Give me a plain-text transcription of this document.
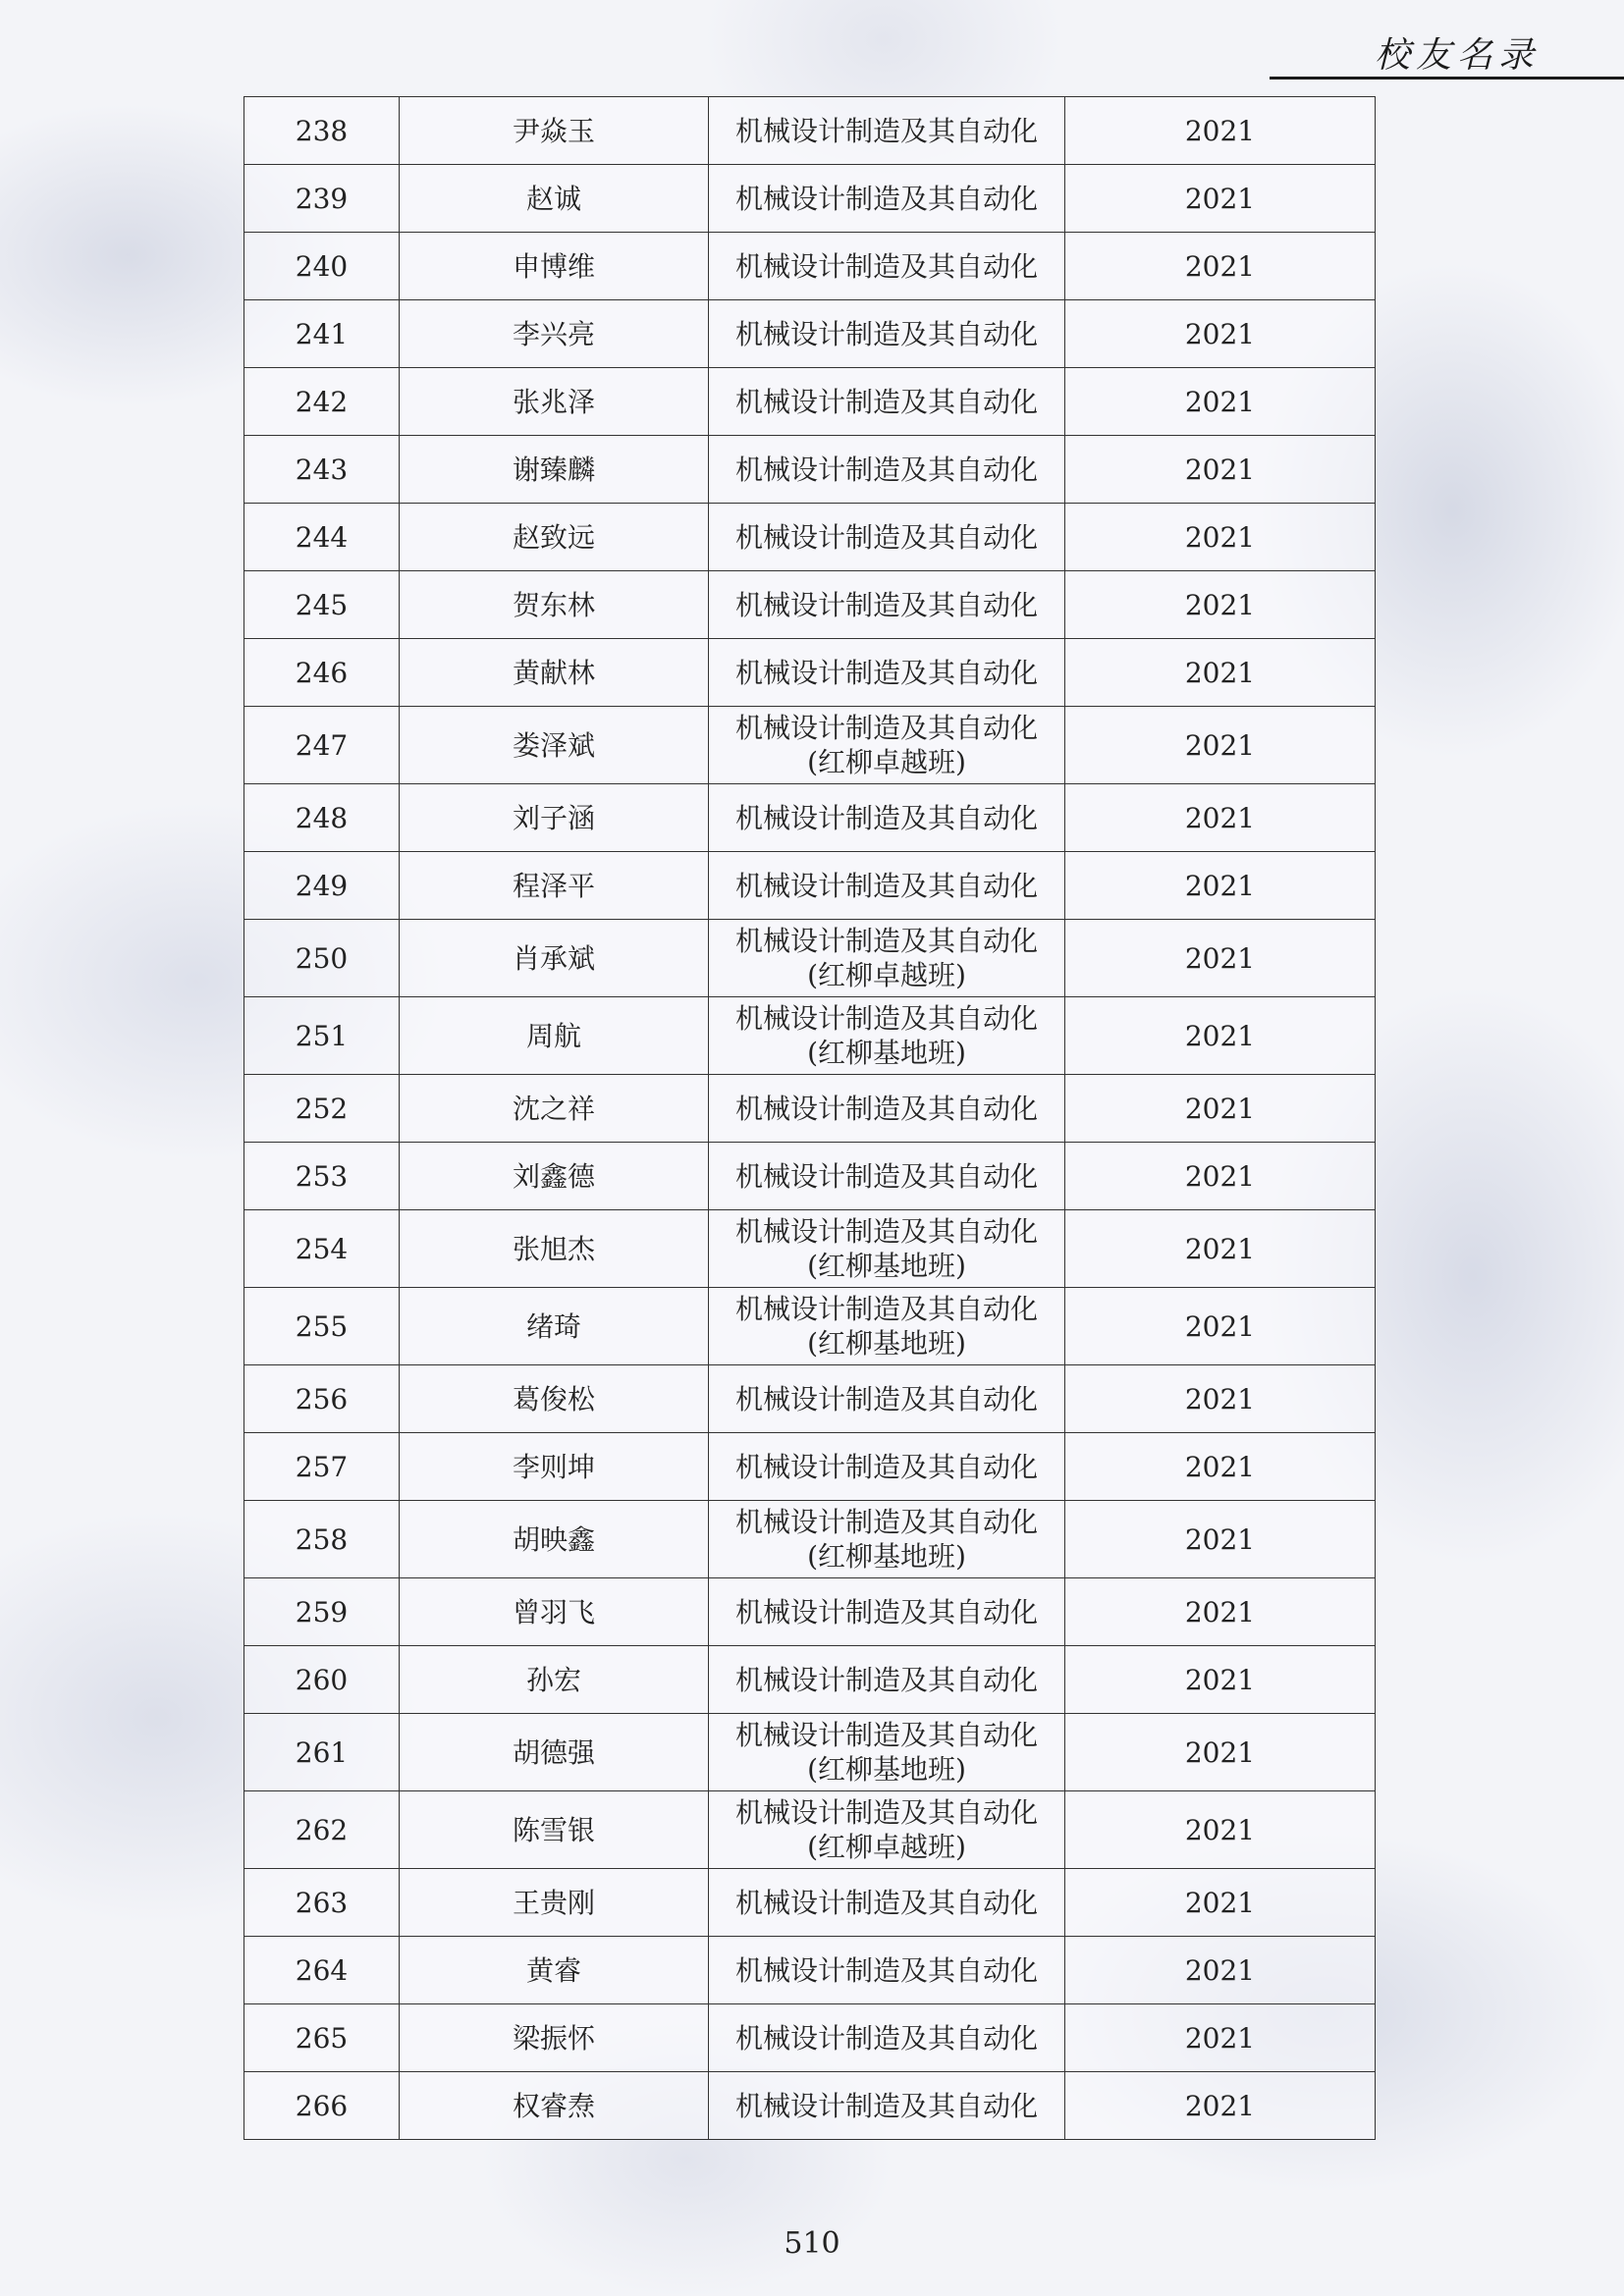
校友名录
238	尹焱玉	机械设计制造及其自动化	2021
239	赵诚	机械设计制造及其自动化	2021
240	申博维	机械设计制造及其自动化	2021
241	李兴亮	机械设计制造及其自动化	2021
242	张兆泽	机械设计制造及其自动化	2021
243	谢臻麟	机械设计制造及其自动化	2021
244	赵致远	机械设计制造及其自动化	2021
245	贺东林	机械设计制造及其自动化	2021
246	黄献林	机械设计制造及其自动化	2021
247	娄泽斌	机械设计制造及其自动化
(红柳卓越班)	2021
248	刘子涵	机械设计制造及其自动化	2021
249	程泽平	机械设计制造及其自动化	2021
250	肖承斌	机械设计制造及其自动化
(红柳卓越班)	2021
251	周航	机械设计制造及其自动化
(红柳基地班)	2021
252	沈之祥	机械设计制造及其自动化	2021
253	刘鑫德	机械设计制造及其自动化	2021
254	张旭杰	机械设计制造及其自动化
(红柳基地班)	2021
255	绪琦	机械设计制造及其自动化
(红柳基地班)	2021
256	葛俊松	机械设计制造及其自动化	2021
257	李则坤	机械设计制造及其自动化	2021
258	胡映鑫	机械设计制造及其自动化
(红柳基地班)	2021
259	曾羽飞	机械设计制造及其自动化	2021
260	孙宏	机械设计制造及其自动化	2021
261	胡德强	机械设计制造及其自动化
(红柳基地班)	2021
262	陈雪银	机械设计制造及其自动化
(红柳卓越班)	2021
263	王贵刚	机械设计制造及其自动化	2021
264	黄睿	机械设计制造及其自动化	2021
265	梁振怀	机械设计制造及其自动化	2021
266	权睿焘	机械设计制造及其自动化	2021
510
